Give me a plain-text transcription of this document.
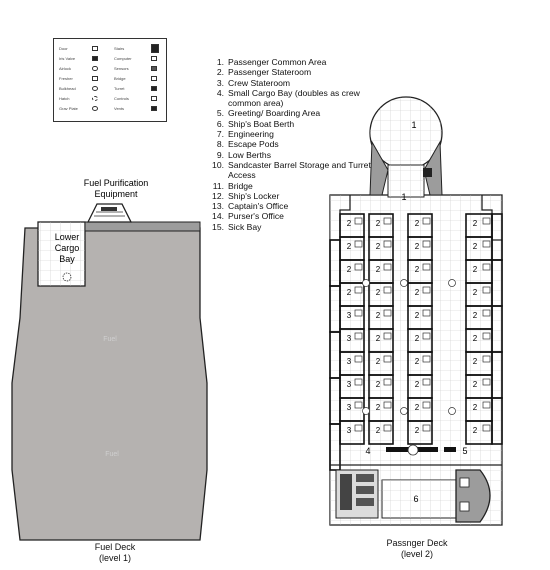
Door
Iris Valve
Airlock
Fresher
Bulkhead
Hatch
Grav Plate
Stairs
Computer
Sensors
Bridge
Turret
Controls
Vents
1. Passenger Common Area
2. Passenger Stateroom
3. Crew Stateroom
4. Small Cargo Bay (doubles as crew common area)
5. Greeting/ Boarding Area
6. Ship's Boat Berth
7. Engineering
8. Escape Pods
9. Low Berths
10. Sandcaster Barrel Storage and Turret Access
11. Bridge
12. Ship's Locker
13. Captain's Office
14. Purser's Office
15. Sick Bay	2
2
2
2
3
3
3
3
3
3
2
2
2
2
2
2
2
2
2
2
2
2
2
2
2
2
2
2
2
2
2
2
2
2
2
2
2
2
2
2
Fuel Purification
Equipment
Lower
Cargo
Bay
Fuel
Fuel
1
1
4	5
6
Fuel Deck
(level 1)
Passnger Deck
(level 2)
